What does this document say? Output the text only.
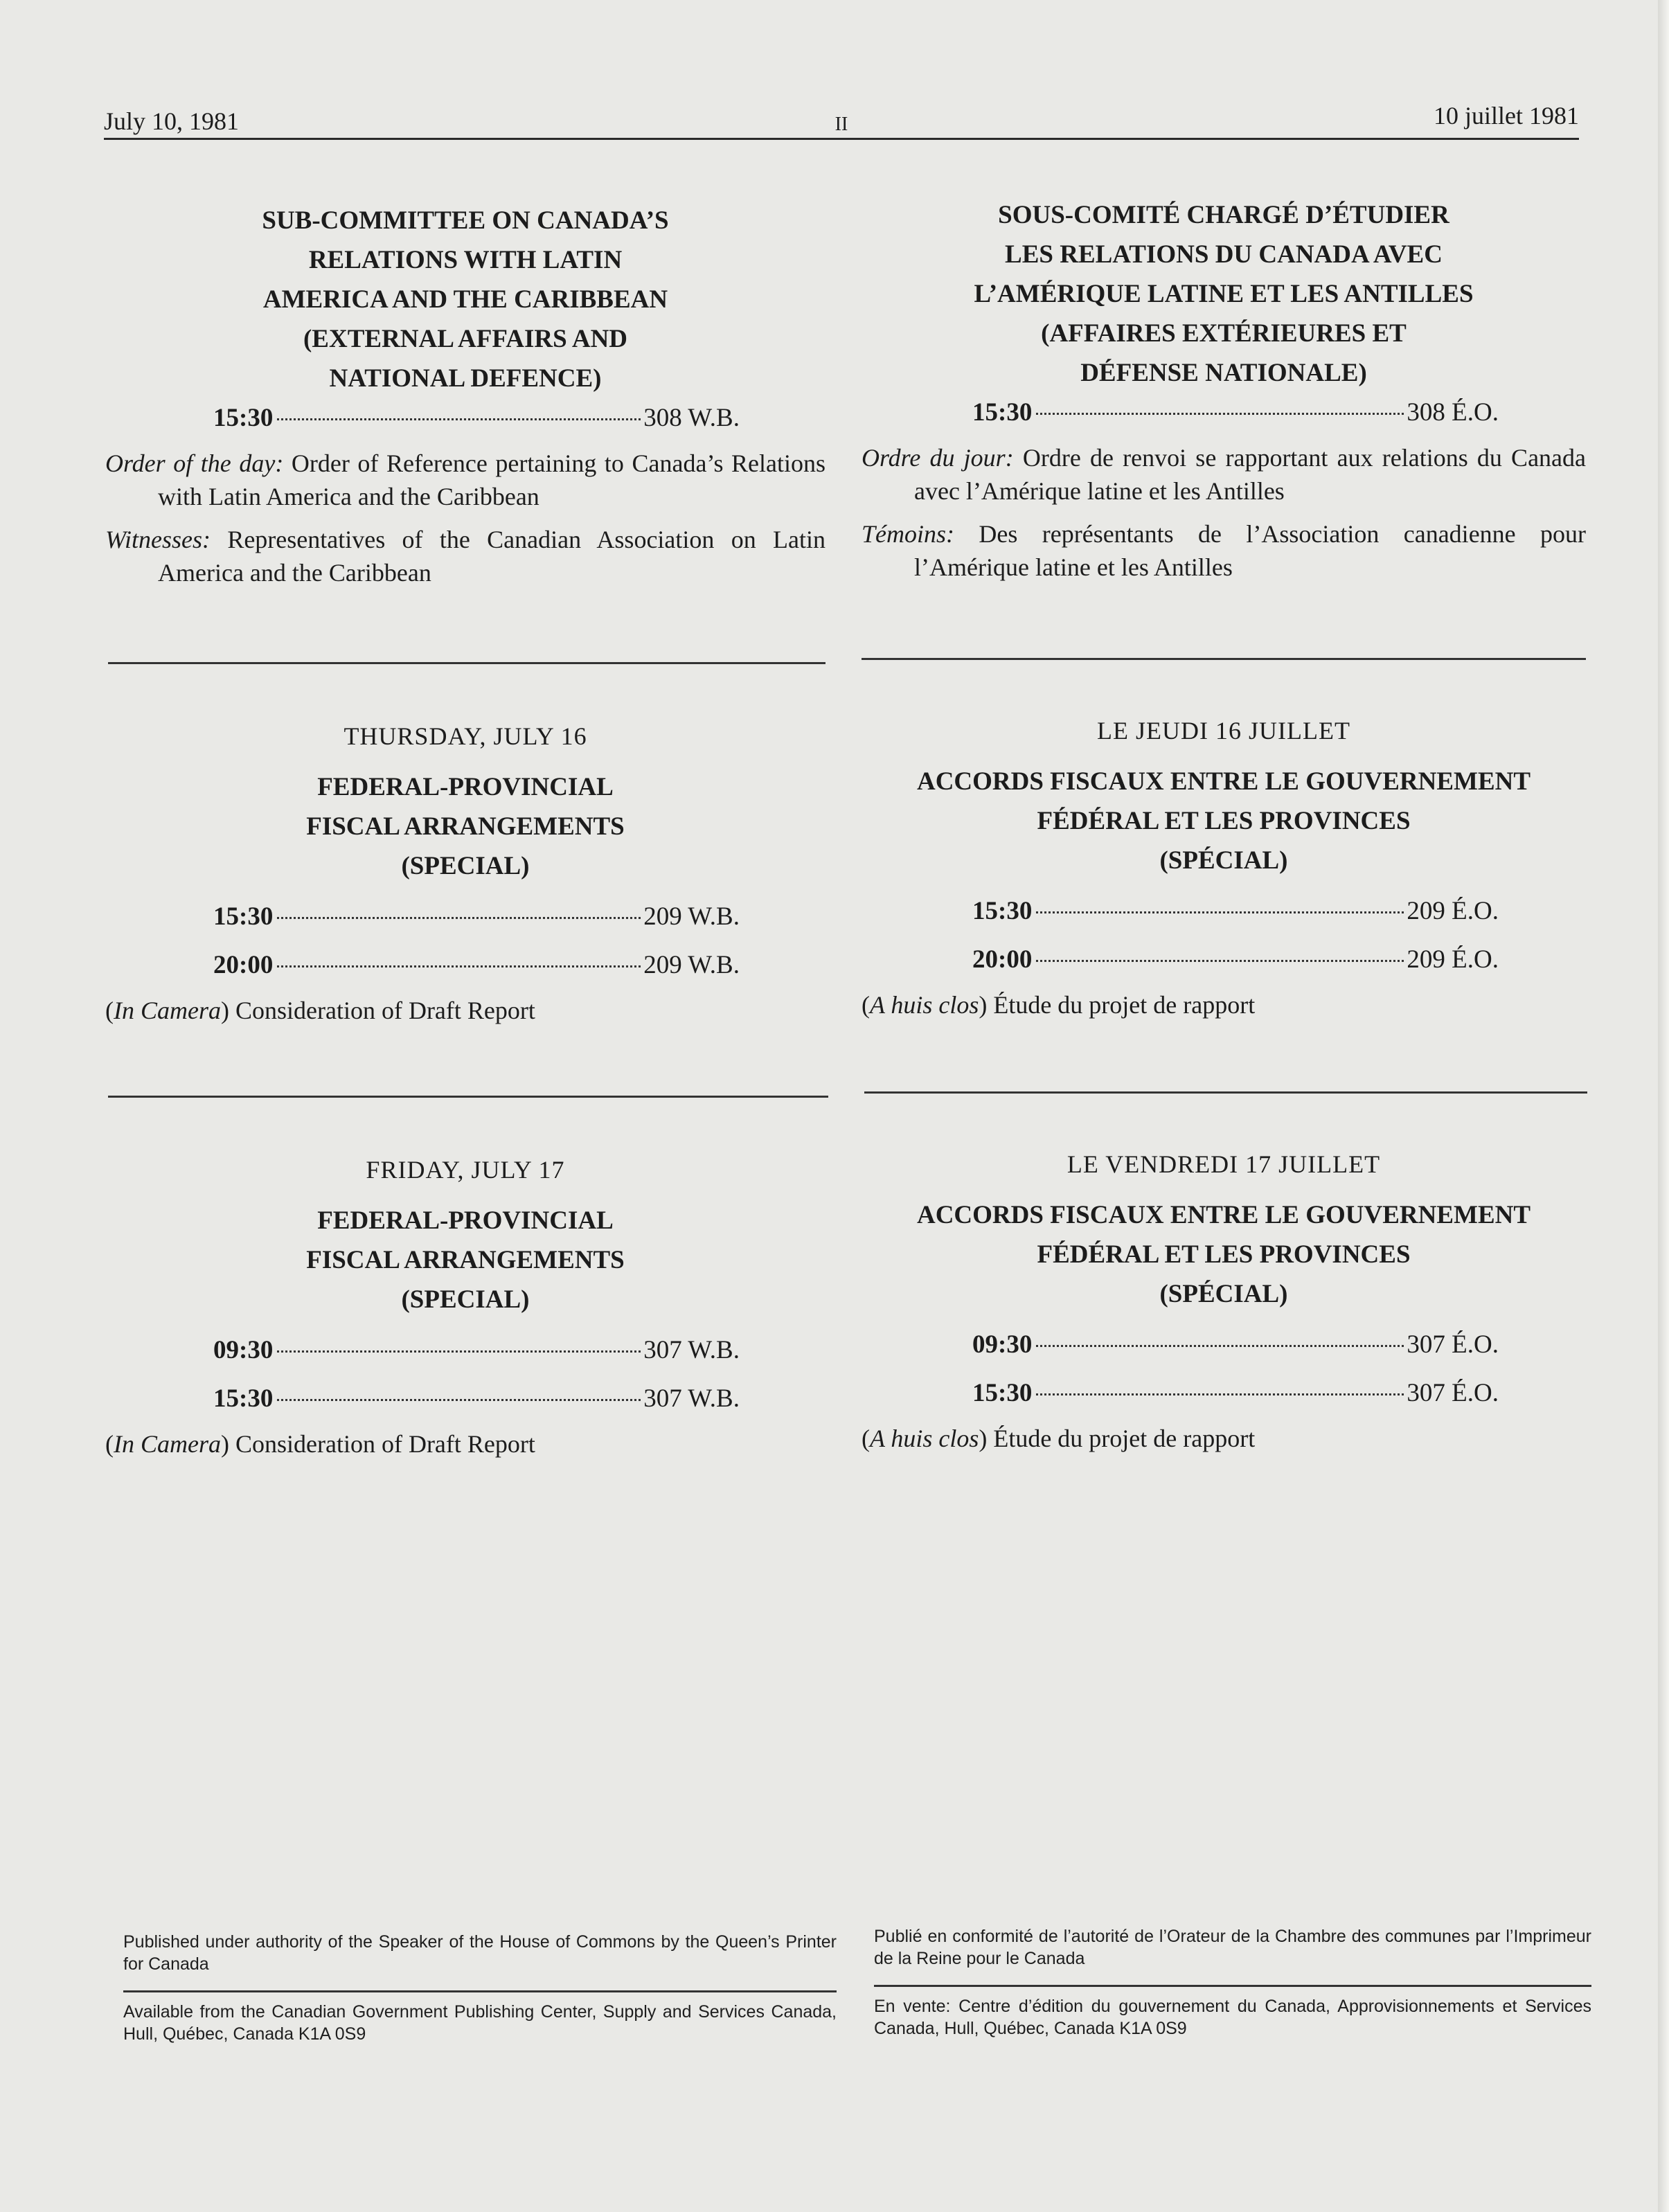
July 10, 1981	II	10 juillet 1981
SUB-COMMITTEE ON CANADA’S
RELATIONS WITH LATIN
AMERICA AND THE CARIBBEAN
(EXTERNAL AFFAIRS AND
NATIONAL DEFENCE)
15:30	308 W.B.
Order of the day: Order of Reference pertaining to Canada’s Relations with Latin America and the Caribbean
Witnesses: Representatives of the Canadian Association on Latin America and the Caribbean
THURSDAY, JULY 16
FEDERAL-PROVINCIAL
FISCAL ARRANGEMENTS
(SPECIAL)
15:30	209 W.B.
20:00	209 W.B.
(In Camera) Consideration of Draft Report
FRIDAY, JULY 17
FEDERAL-PROVINCIAL
FISCAL ARRANGEMENTS
(SPECIAL)
09:30	307 W.B.
15:30	307 W.B.
(In Camera) Consideration of Draft Report
SOUS-COMITÉ CHARGÉ D’ÉTUDIER
LES RELATIONS DU CANADA AVEC
L’AMÉRIQUE LATINE ET LES ANTILLES
(AFFAIRES EXTÉRIEURES ET
DÉFENSE NATIONALE)
15:30	308 É.O.
Ordre du jour: Ordre de renvoi se rapportant aux relations du Canada avec l’Amérique latine et les Antilles
Témoins: Des représentants de l’Association canadienne pour l’Amérique latine et les Antilles
LE JEUDI 16 JUILLET
ACCORDS FISCAUX ENTRE LE GOUVERNEMENT
FÉDÉRAL ET LES PROVINCES
(SPÉCIAL)
15:30	209 É.O.
20:00	209 É.O.
(A huis clos) Étude du projet de rapport
LE VENDREDI 17 JUILLET
ACCORDS FISCAUX ENTRE LE GOUVERNEMENT
FÉDÉRAL ET LES PROVINCES
(SPÉCIAL)
09:30	307 É.O.
15:30	307 É.O.
(A huis clos) Étude du projet de rapport

Published under authority of the Speaker of the House of Commons by the Queen’s Printer for Canada

Available from the Canadian Government Publishing Center, Supply and Services Canada, Hull, Québec, Canada K1A 0S9

Publié en conformité de l’autorité de l’Orateur de la Chambre des communes par l’Imprimeur de la Reine pour le Canada

En vente: Centre d’édition du gouvernement du Canada, Approvisionnements et Services Canada, Hull, Québec, Canada K1A 0S9
